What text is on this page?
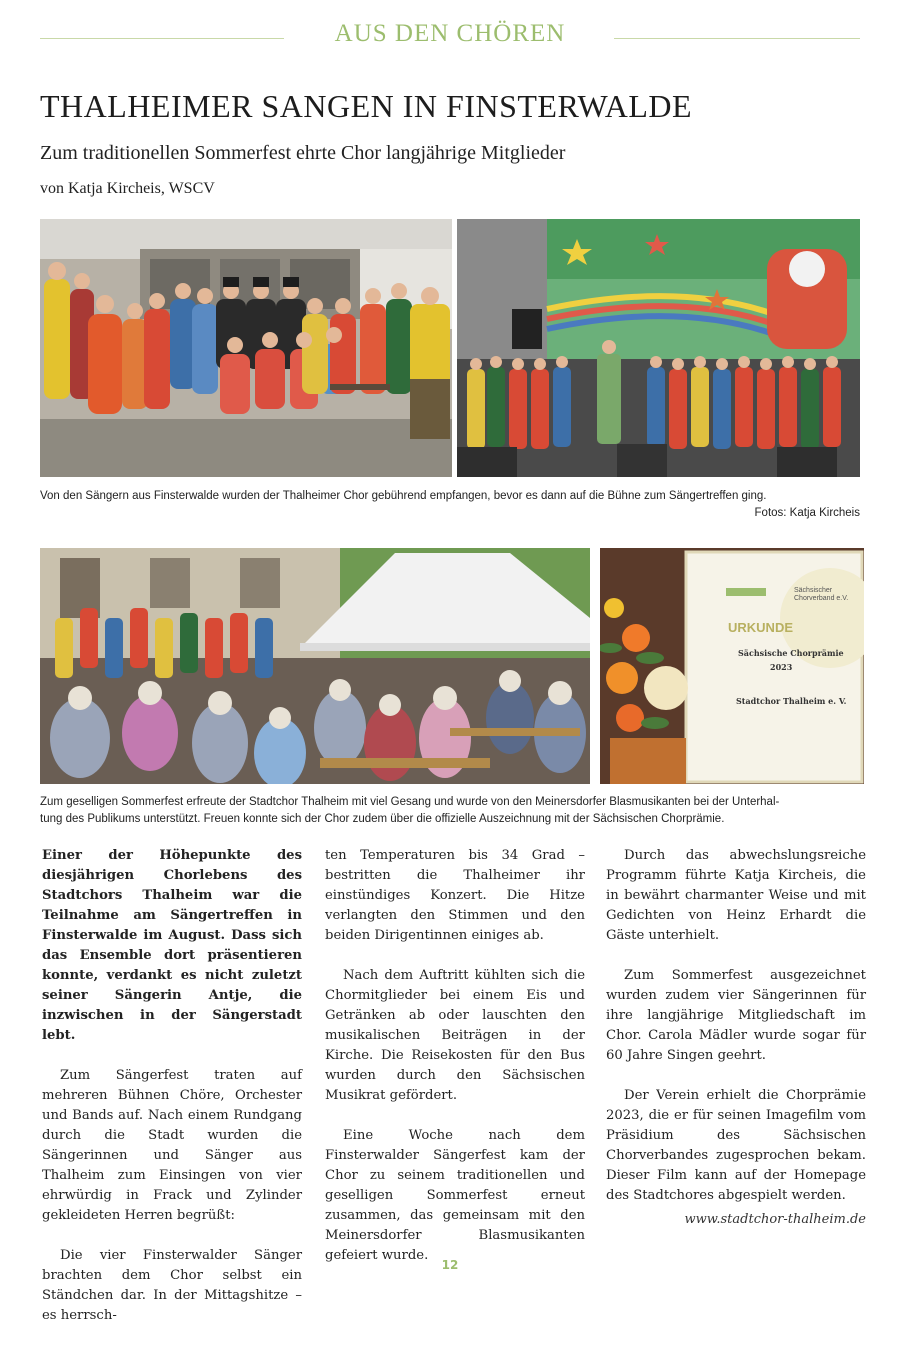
AUS DEN CHÖREN
THALHEIMER SANGEN IN FINSTERWALDE
Zum traditionellen Sommerfest ehrte Chor langjährige Mitglieder
von Katja Kircheis, WSCV
Von den Sängern aus Finsterwalde wurden der Thalheimer Chor gebührend empfangen, bevor es dann auf die Bühne zum Sängertreffen ging.
Fotos: Katja Kircheis
Sächsischer Chorverband e.V.
URKUNDE
Sächsische Chorprämie
2023
Stadtchor Thalheim e. V.
Zum geselligen Sommerfest erfreute der Stadtchor Thalheim mit viel Gesang und wurde von den Meinersdorfer Blasmusikanten bei der Unterhal-
tung des Publikums unterstützt. Freuen konnte sich der Chor zudem über die offizielle Auszeichnung mit der Sächsischen Chorprämie.

Einer der Höhepunkte des diesjährigen Chorlebens des Stadtchors Thalheim war die Teilnahme am Sängertreffen in Finsterwalde im August. Dass sich das Ensemble dort präsentieren konnte, verdankt es nicht zuletzt seiner Sängerin Antje, die inzwischen in der Sängerstadt lebt.

Zum Sängerfest traten auf mehreren Bühnen Chöre, Orchester und Bands auf. Nach einem Rundgang durch die Stadt wurden die Sängerinnen und Sänger aus Thalheim zum Einsingen von vier ehrwürdig in Frack und Zylinder gekleideten Herren begrüßt:

Die vier Finsterwalder Sänger brachten dem Chor selbst ein Ständchen dar. In der Mittagshitze – es herrsch-

ten Temperaturen bis 34 Grad – bestritten die Thalheimer ihr einstündiges Konzert. Die Hitze verlangten den Stimmen und den beiden Dirigentinnen einiges ab.

Nach dem Auftritt kühlten sich die Chormitglieder bei einem Eis und Getränken ab oder lauschten den musikalischen Beiträgen in der Kirche. Die Reisekosten für den Bus wurden durch den Sächsischen Musikrat gefördert.

Eine Woche nach dem Finsterwalder Sängerfest kam der Chor zu seinem traditionellen und geselligen Sommerfest erneut zusammen, das gemeinsam mit den Meinersdorfer Blasmusikanten gefeiert wurde.

Durch das abwechslungsreiche Programm führte Katja Kircheis, die in bewährt charmanter Weise und mit Gedichten von Heinz Erhardt die Gäste unterhielt.

Zum Sommerfest ausgezeichnet wurden zudem vier Sängerinnen für ihre langjährige Mitgliedschaft im Chor. Carola Mädler wurde sogar für 60 Jahre Singen geehrt.

Der Verein erhielt die Chorprämie 2023, die er für seinen Imagefilm vom Präsidium des Sächsischen Chorverbandes zugesprochen bekam. Dieser Film kann auf der Homepage des Stadtchores abgespielt werden.

www.stadtchor-thalheim.de
12
